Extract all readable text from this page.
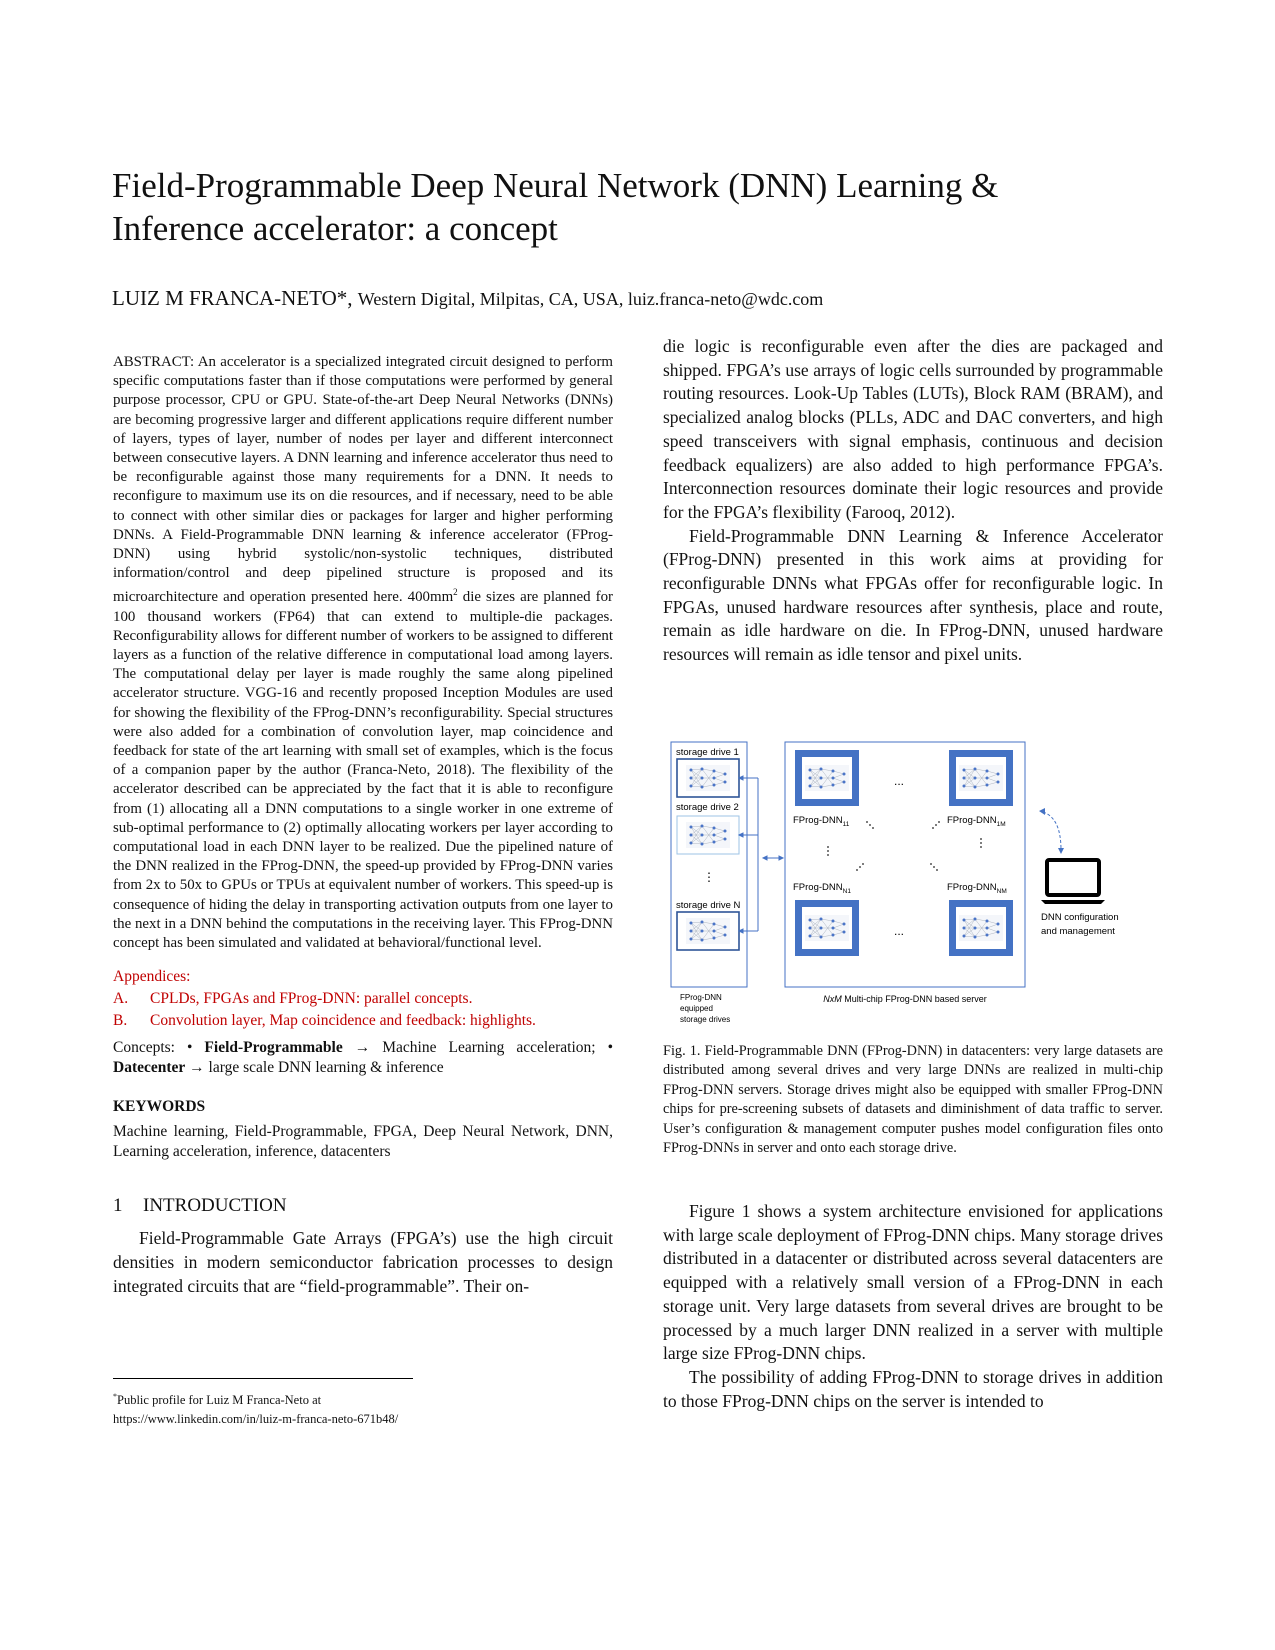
Field-Programmable Deep Neural Network (DNN) Learning & Inference accelerator: a concept
LUIZ M FRANCA-NETO*, Western Digital, Milpitas, CA, USA, luiz.franca-neto@wdc.com

ABSTRACT: An accelerator is a specialized integrated circuit designed to perform specific computations faster than if those computations were performed by general purpose processor, CPU or GPU. State-of-the-art Deep Neural Networks (DNNs) are becoming progressive larger and different applications require different number of layers, types of layer, number of nodes per layer and different interconnect between consecutive layers. A DNN learning and inference accelerator thus need to be reconfigurable against those many requirements for a DNN. It needs to reconfigure to maximum use its on die resources, and if necessary, need to be able to connect with other similar dies or packages for larger and higher performing DNNs. A Field-Programmable DNN learning & inference accelerator (FProg-DNN) using hybrid systolic/non-systolic techniques, distributed information/control and deep pipelined structure is proposed and its microarchitecture and operation presented here. $400mm^2$ die sizes are planned for 100 thousand workers (FP64) that can extend to multiple-die packages. Reconfigurability allows for different number of workers to be assigned to different layers as a function of the relative difference in computational load among layers. The computational delay per layer is made roughly the same along pipelined accelerator structure. VGG-16 and recently proposed Inception Modules are used for showing the flexibility of the FProg-DNN’s reconfigurability. Special structures were also added for a combination of convolution layer, map coincidence and feedback for state of the art learning with small set of examples, which is the focus of a companion paper by the author (Franca-Neto, 2018). The flexibility of the accelerator described can be appreciated by the fact that it is able to reconfigure from (1) allocating all a DNN computations to a single worker in one extreme of sub-optimal performance to (2) optimally allocating workers per layer according to computational load in each DNN layer to be realized. Due the pipelined nature of the DNN realized in the FProg-DNN, the speed-up provided by FProg-DNN varies from 2x to 50x to GPUs or TPUs at equivalent number of workers. This speed-up is consequence of hiding the delay in transporting activation outputs from one layer to the next in a DNN behind the computations in the receiving layer. This FProg-DNN concept has been simulated and validated at behavioral/functional level.

Appendices:
A.	CPLDs, FPGAs and FProg-DNN: parallel concepts.
B.	Convolution layer, Map coincidence and feedback: highlights.
Concepts: • Field-Programmable → Machine Learning acceleration; • Datecenter → large scale DNN learning & inference
KEYWORDS
Machine learning, Field-Programmable, FPGA, Deep Neural Network, DNN, Learning acceleration, inference, datacenters
1	INTRODUCTION

Field-Programmable Gate Arrays (FPGA’s) use the high circuit densities in modern semiconductor fabrication processes to design integrated circuits that are “field-programmable”. Their on-

*Public profile for Luiz M Franca-Neto at
https://www.linkedin.com/in/luiz-m-franca-neto-671b48/

die logic is reconfigurable even after the dies are packaged and shipped. FPGA’s use arrays of logic cells surrounded by programmable routing resources. Look-Up Tables (LUTs), Block RAM (BRAM), and specialized analog blocks (PLLs, ADC and DAC converters, and high speed transceivers with signal emphasis, continuous and decision feedback equalizers) are also added to high performance FPGA’s. Interconnection resources dominate their logic resources and provide for the FPGA’s flexibility (Farooq, 2012).

Field-Programmable DNN Learning & Inference Accelerator (FProg-DNN) presented in this work aims at providing for reconfigurable DNNs what FPGAs offer for reconfigurable logic. In FPGAs, unused hardware resources after synthesis, place and route, remain as idle hardware on die. In FProg-DNN, unused hardware resources will remain as idle tensor and pixel units.

storage drive 1
storage drive 2
⋮
storage drive N
FProg-DNN
equipped
storage drives
...
...
FProg-$DNN_{11}$	FProg-$DNN_{1M}$
FProg-$DNN_{N1}$	FProg-$DNN_{NM}$
NxM Multi-chip FProg-DNN based server
DNN configuration
and management

Fig. 1. Field-Programmable DNN (FProg-DNN) in datacenters: very large datasets are distributed among several drives and very large DNNs are realized in multi-chip FProg-DNN servers. Storage drives might also be equipped with smaller FProg-DNN chips for pre-screening subsets of datasets and diminishment of data traffic to server. User’s configuration & management computer pushes model configuration files onto FProg-DNNs in server and onto each storage drive.

Figure 1 shows a system architecture envisioned for applications with large scale deployment of FProg-DNN chips. Many storage drives distributed in a datacenter or distributed across several datacenters are equipped with a relatively small version of a FProg-DNN in each storage unit. Very large datasets from several drives are brought to be processed by a much larger DNN realized in a server with multiple large size FProg-DNN chips.

The possibility of adding FProg-DNN to storage drives in addition to those FProg-DNN chips on the server is intended to
